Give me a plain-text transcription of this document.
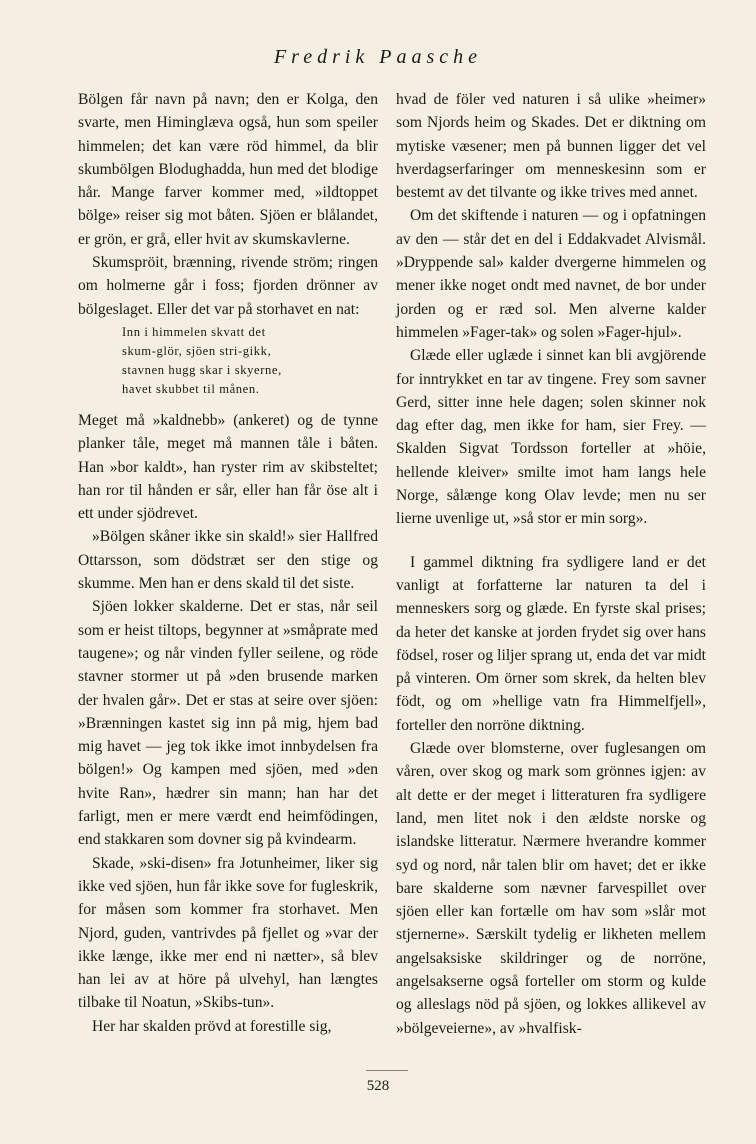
Fredrik Paasche

Bölgen får navn på navn; den er Kolga, den svarte, men Himinglæva også, hun som speiler himmelen; det kan være röd himmel, da blir skumbölgen Blodughadda, hun med det blodige hår. Mange farver kommer med, »ildtoppet bölge» reiser sig mot båten. Sjöen er blålandet, er grön, er grå, eller hvit av skumskavlerne.

Skumspröit, brænning, rivende ström; ringen om holmerne går i foss; fjorden drönner av bölgeslaget. Eller det var på storhavet en nat:

Inn i himmelen skvatt det
skum-glör, sjöen stri-gikk,
stavnen hugg skar i skyerne,
havet skubbet til månen.

Meget må »kaldnebb» (ankeret) og de tynne planker tåle, meget må mannen tåle i båten. Han »bor kaldt», han ryster rim av skibsteltet; han ror til hånden er sår, eller han får öse alt i ett under sjödrevet.

»Bölgen skåner ikke sin skald!» sier Hallfred Ottarsson, som dödstræt ser den stige og skumme. Men han er dens skald til det siste.

Sjöen lokker skalderne. Det er stas, når seil som er heist tiltops, begynner at »småprate med taugene»; og når vinden fyller seilene, og röde stavner stormer ut på »den brusende marken der hvalen går». Det er stas at seire over sjöen: »Brænningen kastet sig inn på mig, hjem bad mig havet — jeg tok ikke imot innbydelsen fra bölgen!» Og kampen med sjöen, med »den hvite Ran», hædrer sin mann; han har det farligt, men er mere værdt end heimfödingen, end stakkaren som dovner sig på kvindearm.

Skade, »ski-disen» fra Jotunheimer, liker sig ikke ved sjöen, hun får ikke sove for fugleskrik, for måsen som kommer fra storhavet. Men Njord, guden, vantrivdes på fjellet og »var der ikke længe, ikke mer end ni nætter», så blev han lei av at höre på ulvehyl, han længtes tilbake til Noatun, »Skibs-tun».

Her har skalden prövd at forestille sig,

hvad de föler ved naturen i så ulike »heimer» som Njords heim og Skades. Det er diktning om mytiske væsener; men på bunnen ligger det vel hverdagserfaringer om menneskesinn som er bestemt av det tilvante og ikke trives med annet.

Om det skiftende i naturen — og i opfatningen av den — står det en del i Eddakvadet Alvismål. »Dryppende sal» kalder dvergerne himmelen og mener ikke noget ondt med navnet, de bor under jorden og er ræd sol. Men alverne kalder himmelen »Fager-tak» og solen »Fager-hjul».

Glæde eller uglæde i sinnet kan bli avgjörende for inntrykket en tar av tingene. Frey som savner Gerd, sitter inne hele dagen; solen skinner nok dag efter dag, men ikke for ham, sier Frey. — Skalden Sigvat Tordsson forteller at »höie, hellende kleiver» smilte imot ham langs hele Norge, sålænge kong Olav levde; men nu ser lierne uvenlige ut, »så stor er min sorg».

I gammel diktning fra sydligere land er det vanligt at forfatterne lar naturen ta del i menneskers sorg og glæde. En fyrste skal prises; da heter det kanske at jorden frydet sig over hans födsel, roser og liljer sprang ut, enda det var midt på vinteren. Om örner som skrek, da helten blev födt, og om »hellige vatn fra Himmelfjell», forteller den norröne diktning.

Glæde over blomsterne, over fuglesangen om våren, over skog og mark som grönnes igjen: av alt dette er der meget i litteraturen fra sydligere land, men litet nok i den ældste norske og islandske litteratur. Nærmere hverandre kommer syd og nord, når talen blir om havet; det er ikke bare skalderne som nævner farvespillet over sjöen eller kan fortælle om hav som »slår mot stjernerne». Særskilt tydelig er likheten mellem angelsaksiske skildringer og de norröne, angelsakserne også forteller om storm og kulde og alleslags nöd på sjöen, og lokkes allikevel av »bölgeveierne», av »hvalfisk-

528
